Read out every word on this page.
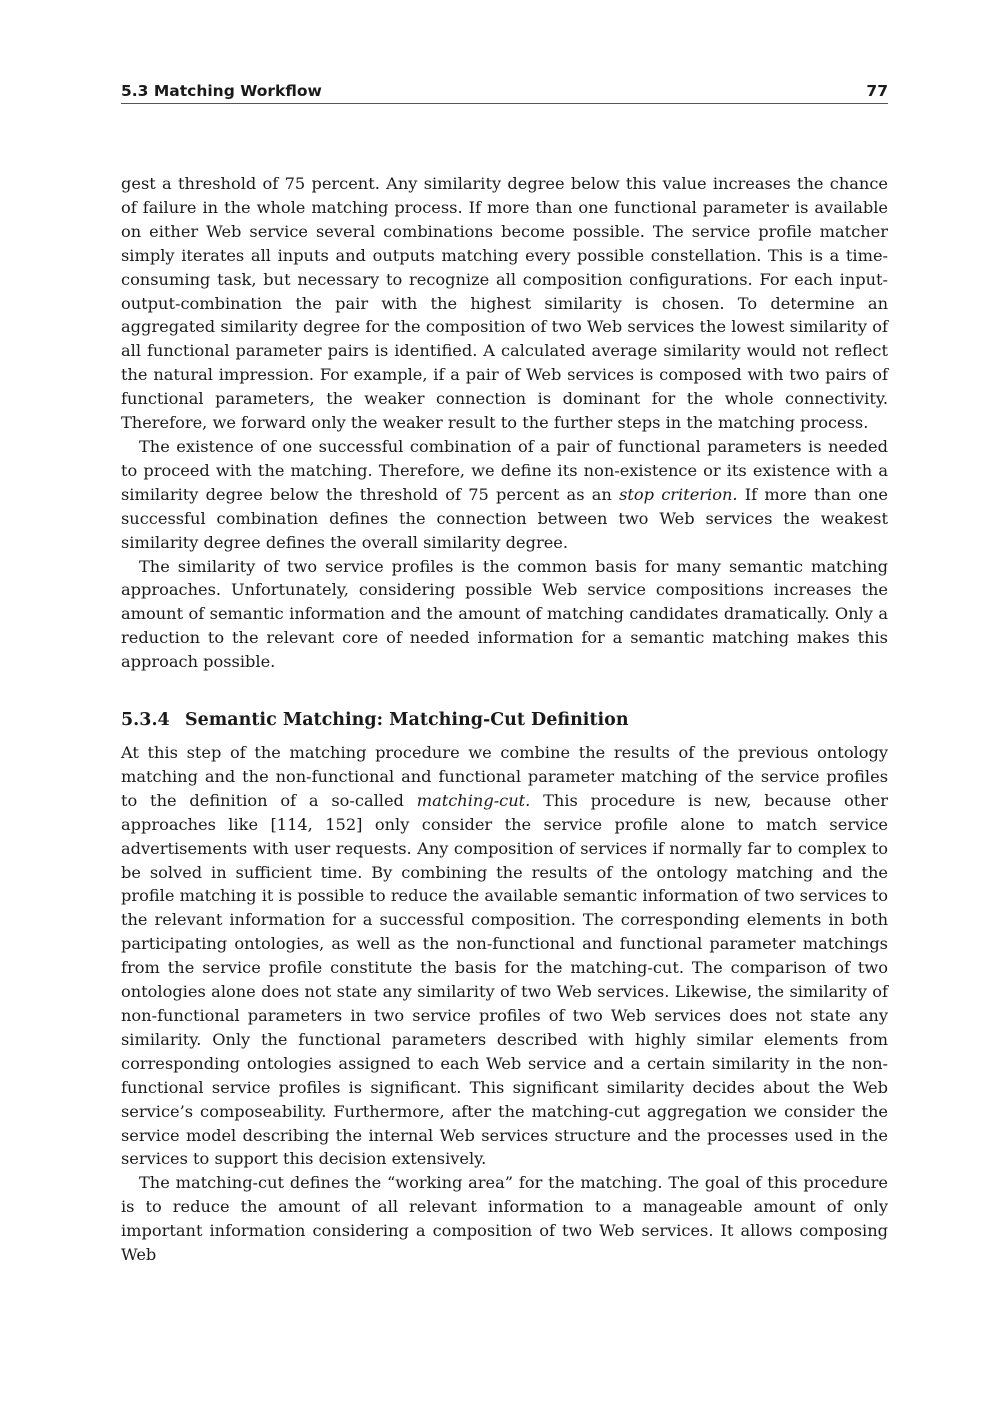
5.3 Matching Workflow	77

gest a threshold of 75 percent. Any similarity degree below this value increases the chance of failure in the whole matching process. If more than one functional parameter is available on either Web service several combinations become possible. The service profile matcher simply iterates all inputs and outputs matching every possible constellation. This is a time-consuming task, but necessary to recognize all composition configurations. For each input-output-combination the pair with the highest similarity is chosen. To determine an aggregated similarity degree for the composition of two Web services the lowest similarity of all functional parameter pairs is identified. A calculated average similarity would not reflect the natural impression. For example, if a pair of Web services is composed with two pairs of functional parameters, the weaker connection is dominant for the whole connectivity. Therefore, we forward only the weaker result to the further steps in the matching process.

The existence of one successful combination of a pair of functional parameters is needed to proceed with the matching. Therefore, we define its non-existence or its existence with a similarity degree below the threshold of 75 percent as an stop criterion. If more than one successful combination defines the connection between two Web services the weakest similarity degree defines the overall similarity degree.

The similarity of two service profiles is the common basis for many semantic matching approaches. Unfortunately, considering possible Web service compositions increases the amount of semantic information and the amount of matching candidates dramatically. Only a reduction to the relevant core of needed information for a semantic matching makes this approach possible.

5.3.4 Semantic Matching: Matching-Cut Definition

At this step of the matching procedure we combine the results of the previous ontology matching and the non-functional and functional parameter matching of the service profiles to the definition of a so-called matching-cut. This procedure is new, because other approaches like [114, 152] only consider the service profile alone to match service advertisements with user requests. Any composition of services if normally far to complex to be solved in sufficient time. By combining the results of the ontology matching and the profile matching it is possible to reduce the available semantic information of two services to the relevant information for a successful composition. The corresponding elements in both participating ontologies, as well as the non-functional and functional parameter matchings from the service profile constitute the basis for the matching-cut. The comparison of two ontologies alone does not state any similarity of two Web services. Likewise, the similarity of non-functional parameters in two service profiles of two Web services does not state any similarity. Only the functional parameters described with highly similar elements from corresponding ontologies assigned to each Web service and a certain similarity in the non-functional service profiles is significant. This significant similarity decides about the Web service’s composeability. Furthermore, after the matching-cut aggregation we consider the service model describing the internal Web services structure and the processes used in the services to support this decision extensively.

The matching-cut defines the “working area” for the matching. The goal of this procedure is to reduce the amount of all relevant information to a manageable amount of only important information considering a composition of two Web services. It allows composing Web
